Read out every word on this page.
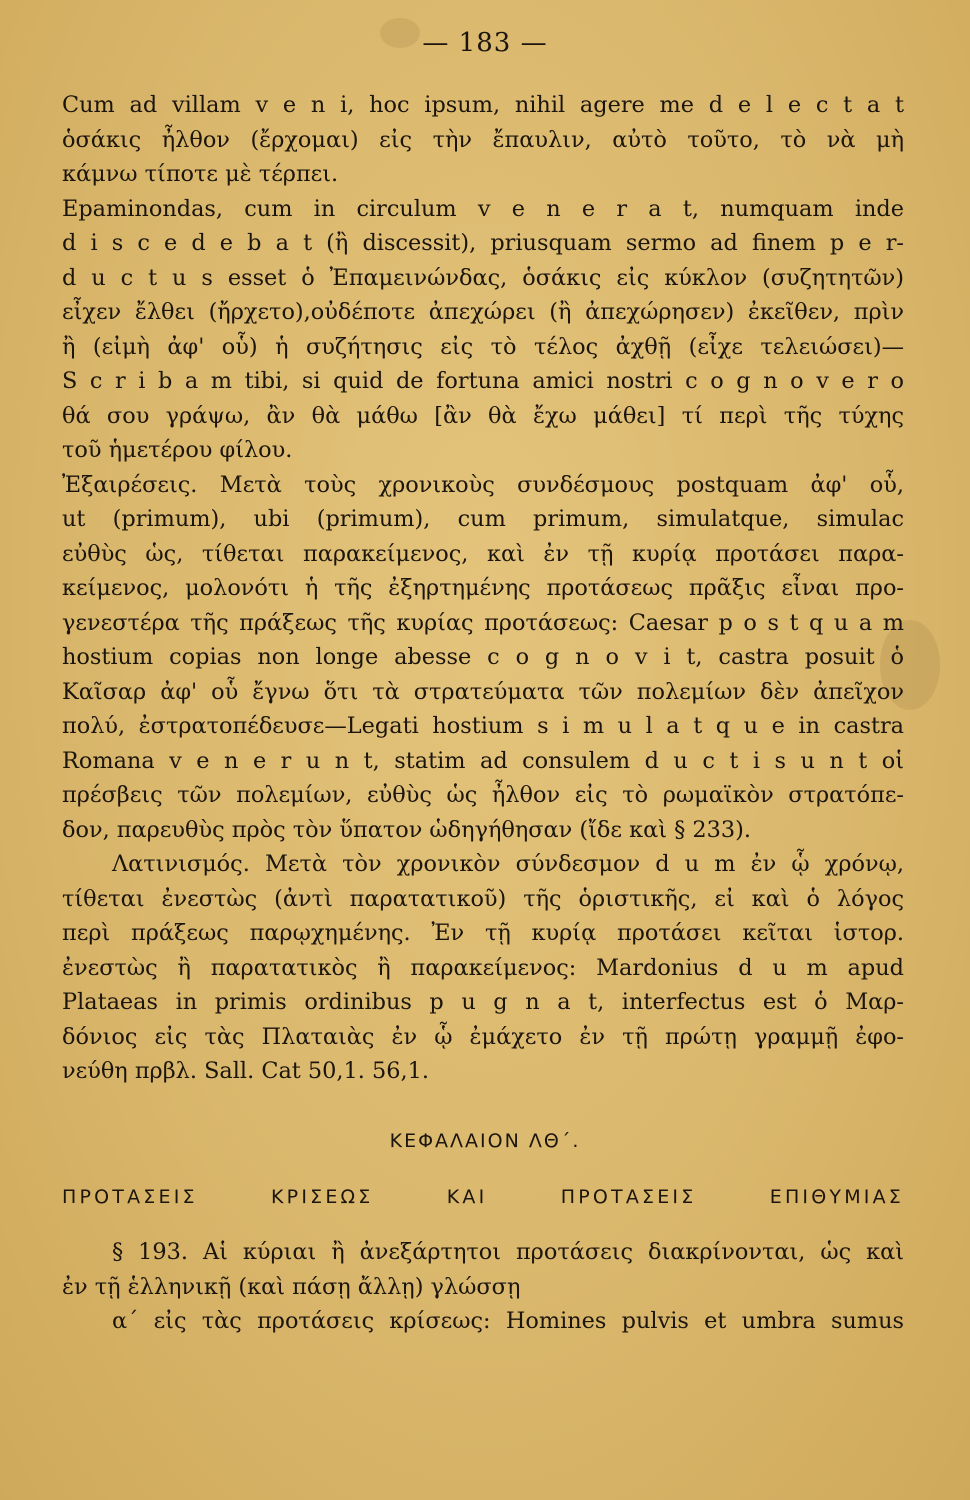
— 183 —
Cum ad villam v e n i, hoc ipsum, nihil agere me d e l e c t a t
ὁσάκις ἦλθον (ἔρχομαι) εἰς τὴν ἔπαυλιν, αὐτὸ τοῦτο, τὸ νὰ μὴ
κάμνω τίποτε μὲ τέρπει.
Epaminondas, cum in circulum v e n e r a t, numquam inde
d i s c e d e b a t (ἢ discessit), priusquam sermo ad finem p e r-
d u c t u s esset ὁ Ἐπαμεινώνδας, ὁσάκις εἰς κύκλον (συζητητῶν)
εἶχεν ἔλθει (ἤρχετο),οὐδέποτε ἀπεχώρει (ἢ ἀπεχώρησεν) ἐκεῖθεν, πρὶν
ἢ (εἰμὴ ἀφ' οὗ) ἡ συζήτησις εἰς τὸ τέλος ἀχθῇ (εἶχε τελειώσει)—
S c r i b a m tibi, si quid de fortuna amici nostri c o g n o v e r o
θά σου γράψω, ἂν θὰ μάθω [ἂν θὰ ἔχω μάθει] τί περὶ τῆς τύχης
τοῦ ἡμετέρου φίλου.
Ἐξαιρέσεις. Μετὰ τοὺς χρονικοὺς συνδέσμους postquam ἀφ' οὗ,
ut (primum), ubi (primum), cum primum, simulatque, simulac
εὐθὺς ὡς, τίθεται παρακείμενος, καὶ ἐν τῇ κυρίᾳ προτάσει παρα-
κείμενος, μολονότι ἡ τῆς ἐξηρτημένης προτάσεως πρᾶξις εἶναι προ-
γενεστέρα τῆς πράξεως τῆς κυρίας προτάσεως: Caesar p o s t q u a m
hostium copias non longe abesse c o g n o v i t, castra posuit ὁ
Καῖσαρ ἀφ' οὗ ἔγνω ὅτι τὰ στρατεύματα τῶν πολεμίων δὲν ἀπεῖχον
πολύ, ἐστρατοπέδευσε—Legati hostium s i m u l a t q u e in castra
Romana v e n e r u n t, statim ad consulem d u c t i s u n t οἱ
πρέσβεις τῶν πολεμίων, εὐθὺς ὡς ἦλθον εἰς τὸ ρωμαϊκὸν στρατόπε-
δον, παρευθὺς πρὸς τὸν ὕπατον ὡδηγήθησαν (ἴδε καὶ § 233).
Λατινισμός. Μετὰ τὸν χρονικὸν σύνδεσμον d u m ἐν ᾧ χρόνῳ,
τίθεται ἐνεστὼς (ἀντὶ παρατατικοῦ) τῆς ὁριστικῆς, εἰ καὶ ὁ λόγος
περὶ πράξεως παρῳχημένης. Ἐν τῇ κυρίᾳ προτάσει κεῖται ἱστορ.
ἐνεστὼς ἢ παρατατικὸς ἢ παρακείμενος: Mardonius d u m apud
Plataeas in primis ordinibus p u g n a t, interfectus est ὁ Μαρ-
δόνιος εἰς τὰς Πλαταιὰς ἐν ᾧ ἐμάχετο ἐν τῇ πρώτῃ γραμμῇ ἐφο-
νεύθη πρβλ. Sall. Cat 50,1. 56,1.
ΚΕΦΑΛΑΙΟΝ ΛΘ΄.
ΠΡΟΤΑΣΕΙΣ ΚΡΙΣΕΩΣ ΚΑΙ ΠΡΟΤΑΣΕΙΣ ΕΠΙΘΥΜΙΑΣ
§ 193. Αἱ κύριαι ἢ ἀνεξάρτητοι προτάσεις διακρίνονται, ὡς καὶ
ἐν τῇ ἑλληνικῇ (καὶ πάσῃ ἄλλῃ) γλώσσῃ
α΄ εἰς τὰς προτάσεις κρίσεως: Homines pulvis et umbra sumus
